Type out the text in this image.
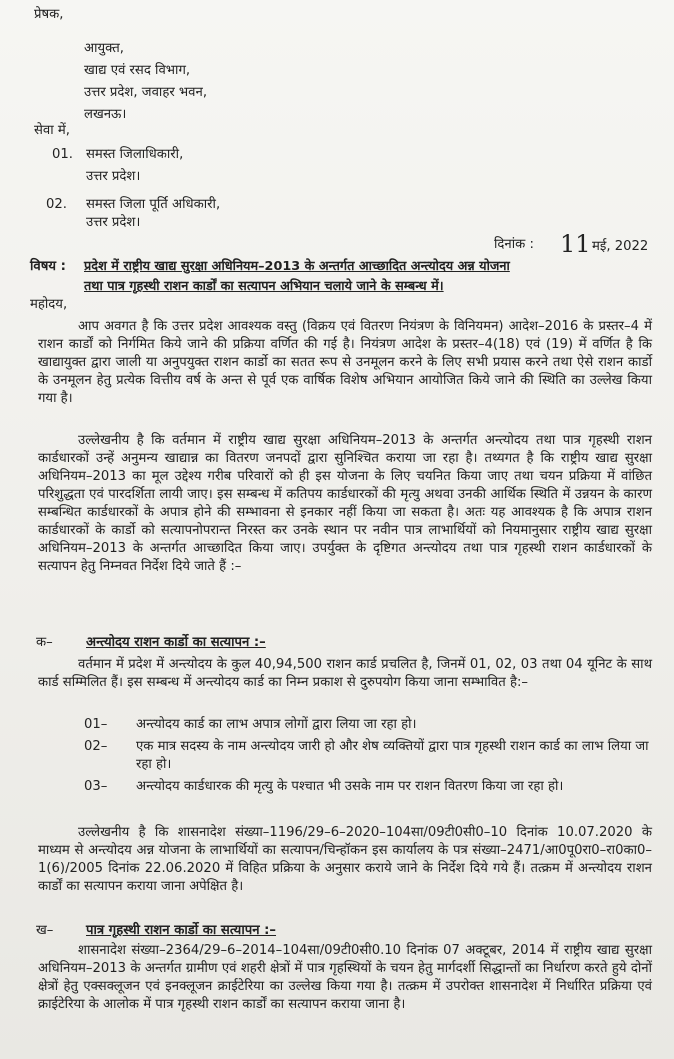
प्रेषक,
आयुक्त,
खाद्य एवं रसद विभाग,
उत्तर प्रदेश, जवाहर भवन,
लखनऊ।
सेवा में,
01. समस्त जिलाधिकारी,
उत्तर प्रदेश।
02. समस्त जिला पूर्ति अधिकारी,
उत्तर प्रदेश।
दिनांक : 11 मई, 2022
विषय : प्रदेश में राष्ट्रीय खाद्य सुरक्षा अधिनियम–2013 के अन्तर्गत आच्छादित अन्त्योदय अन्न योजना
तथा पात्र गृहस्थी राशन कार्डों का सत्यापन अभियान चलाये जाने के सम्बन्ध में।
महोदय,
आप अवगत है कि उत्तर प्रदेश आवश्यक वस्तु (विक्रय एवं वितरण नियंत्रण के विनियमन) आदेश–2016 के प्रस्तर–4 में राशन कार्डों को निर्गमित किये जाने की प्रक्रिया वर्णित की गई है। नियंत्रण आदेश के प्रस्तर–4(18) एवं (19) में वर्णित है कि खाद्यायुक्त द्वारा जाली या अनुपयुक्त राशन कार्डो का सतत रूप से उनमूलन करने के लिए सभी प्रयास करने तथा ऐसे राशन कार्डो के उनमूलन हेतु प्रत्येक वित्तीय वर्ष के अन्त से पूर्व एक वार्षिक विशेष अभियान आयोजित किये जाने की स्थिति का उल्लेख किया गया है।
उल्लेखनीय है कि वर्तमान में राष्ट्रीय खाद्य सुरक्षा अधिनियम–2013 के अन्तर्गत अन्त्योदय तथा पात्र गृहस्थी राशन कार्डधारकों उन्हें अनुमन्य खाद्यान्न का वितरण जनपदों द्वारा सुनिश्चित कराया जा रहा है। तथ्यगत है कि राष्ट्रीय खाद्य सुरक्षा अधिनियम–2013 का मूल उद्देश्य गरीब परिवारों को ही इस योजना के लिए चयनित किया जाए तथा चयन प्रक्रिया में वांछित परिशुद्धता एवं पारदर्शिता लायी जाए। इस सम्बन्ध में कतिपय कार्डधारकों की मृत्यु अथवा उनकी आर्थिक स्थिति में उन्नयन के कारण सम्बन्धित कार्डधारकों के अपात्र होने की सम्भावना से इनकार नहीं किया जा सकता है। अतः यह आवश्यक है कि अपात्र राशन कार्डधारकों के कार्डो को सत्यापनोपरान्त निरस्त कर उनके स्थान पर नवीन पात्र लाभार्थियों को नियमानुसार राष्ट्रीय खाद्य सुरक्षा अधिनियम–2013 के अन्तर्गत आच्छादित किया जाए। उपर्युक्त के दृष्टिगत अन्त्योदय तथा पात्र गृहस्थी राशन कार्डधारकों के सत्यापन हेतु निम्नवत निर्देश दिये जाते हैं :–
क–	अन्त्योदय राशन कार्डो का सत्यापन :–
वर्तमान में प्रदेश में अन्त्योदय के कुल 40,94,500 राशन कार्ड प्रचलित है, जिनमें 01, 02, 03 तथा 04 यूनिट के साथ कार्ड सम्मिलित हैं। इस सम्बन्ध में अन्त्योदय कार्ड का निम्न प्रकाश से दुरुपयोग किया जाना सम्भावित है:–
01– अन्त्योदय कार्ड का लाभ अपात्र लोगों द्वारा लिया जा रहा हो।
02– एक मात्र सदस्य के नाम अन्त्योदय जारी हो और शेष व्यक्तियों द्वारा पात्र गृहस्थी राशन कार्ड का लाभ लिया जा रहा हो।
03– अन्त्योदय कार्डधारक की मृत्यु के पश्चात भी उसके नाम पर राशन वितरण किया जा रहा हो।
उल्लेखनीय है कि शासनादेश संख्या–1196/29–6–2020–104सा/09टी0सी0–10 दिनांक 10.07.2020 के माध्यम से अन्त्योदय अन्न योजना के लाभार्थियों का सत्यापन/चिन्हॉकन इस कार्यालय के पत्र संख्या–2471/आ0पू0रा0–रा0का0–1(6)/2005 दिनांक 22.06.2020 में विहित प्रक्रिया के अनुसार कराये जाने के निर्देश दिये गये हैं। तत्क्रम में अन्त्योदय राशन कार्डों का सत्यापन कराया जाना अपेक्षित है।
ख– पात्र गृहस्थी राशन कार्डो का सत्यापन :–
शासनादेश संख्या–2364/29–6–2014–104सा/09टी0सी0.10 दिनांक 07 अक्टूबर, 2014 में राष्ट्रीय खाद्य सुरक्षा अधिनियम–2013 के अन्तर्गत ग्रामीण एवं शहरी क्षेत्रों में पात्र गृहस्थियों के चयन हेतु मार्गदर्शी सिद्धान्तों का निर्धारण करते हुये दोनों क्षेत्रों हेतु एक्सक्लूजन एवं इनक्लूजन क्राईटेरिया का उल्लेख किया गया है। तत्क्रम में उपरोक्त शासनादेश में निर्धारित प्रक्रिया एवं क्राईटेरिया के आलोक में पात्र गृहस्थी राशन कार्डों का सत्यापन कराया जाना है।
